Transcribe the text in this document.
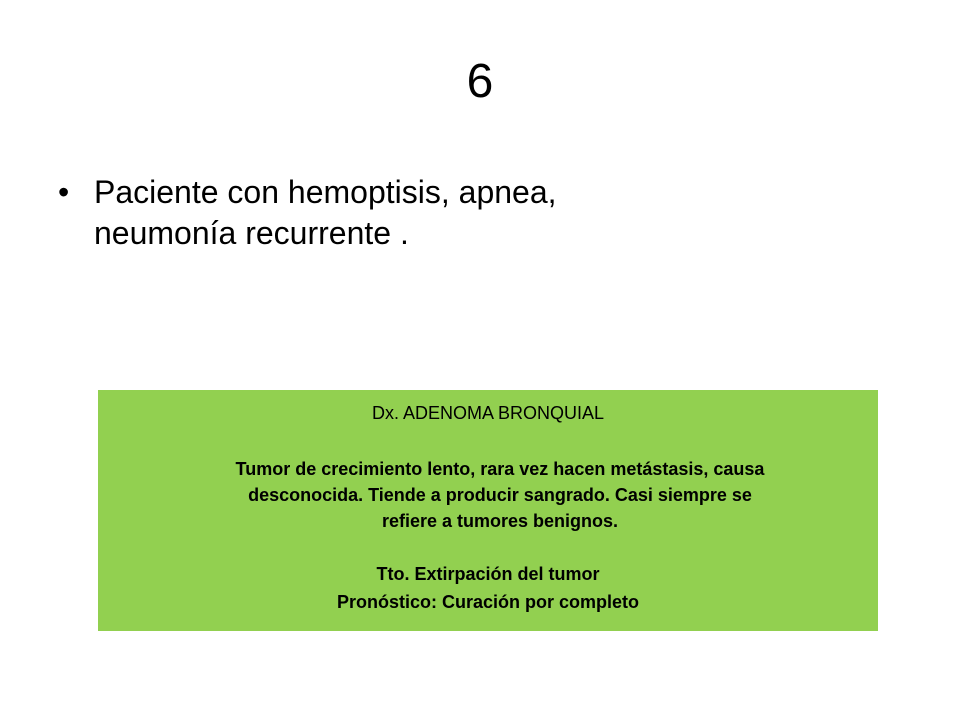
6
• Paciente con hemoptisis, apnea,
neumonía recurrente .
Dx. ADENOMA BRONQUIAL
Tumor de crecimiento lento, rara vez hacen metástasis, causa
desconocida. Tiende a producir sangrado. Casi siempre se
refiere a tumores benignos.
Tto. Extirpación del tumor
Pronóstico: Curación por completo
